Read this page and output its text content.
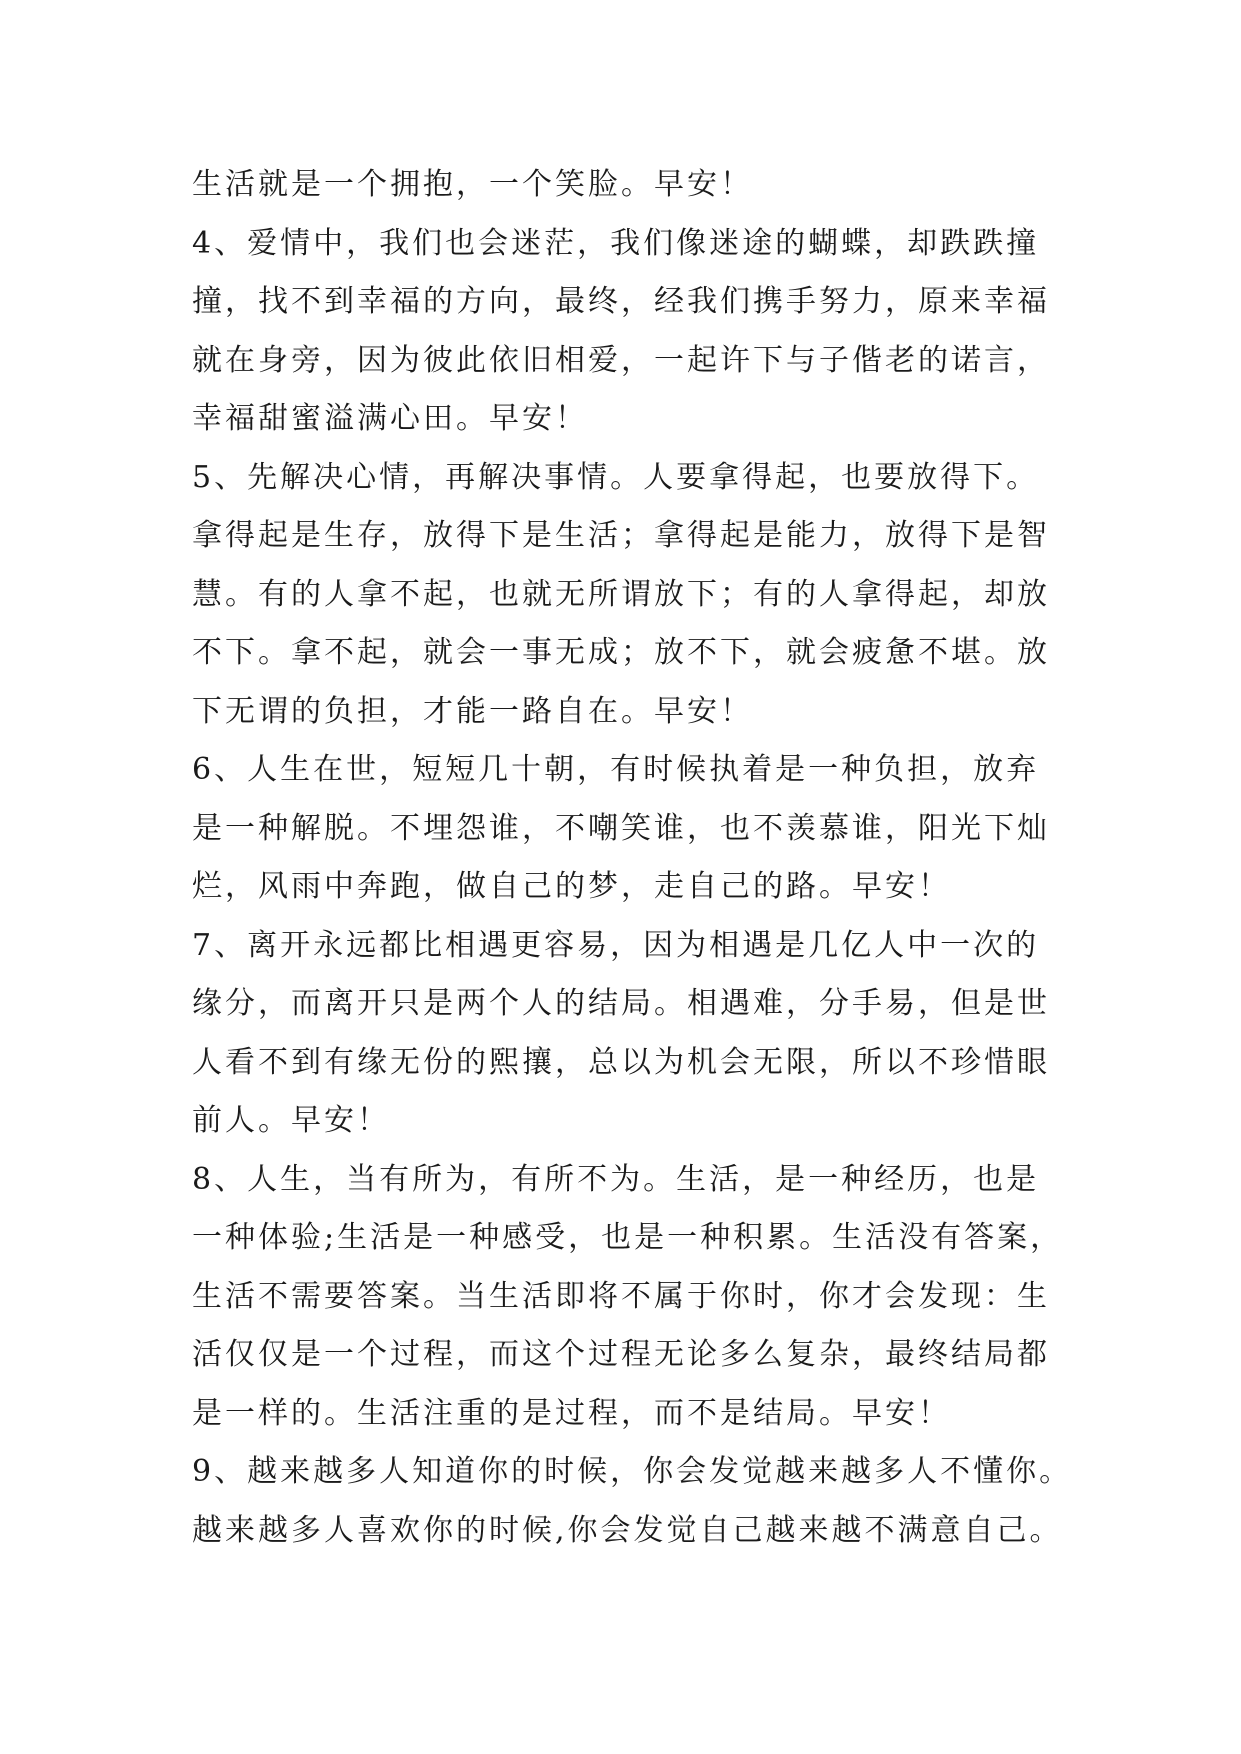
生活就是一个拥抱，一个笑脸。早安！
4、爱情中，我们也会迷茫，我们像迷途的蝴蝶，却跌跌撞
撞，找不到幸福的方向，最终，经我们携手努力，原来幸福
就在身旁，因为彼此依旧相爱，一起许下与子偕老的诺言，
幸福甜蜜溢满心田。早安！
5、先解决心情，再解决事情。人要拿得起，也要放得下。
拿得起是生存，放得下是生活；拿得起是能力，放得下是智
慧。有的人拿不起，也就无所谓放下；有的人拿得起，却放
不下。拿不起，就会一事无成；放不下，就会疲惫不堪。放
下无谓的负担，才能一路自在。早安！
6、人生在世，短短几十朝，有时候执着是一种负担，放弃
是一种解脱。不埋怨谁，不嘲笑谁，也不羡慕谁，阳光下灿
烂，风雨中奔跑，做自己的梦，走自己的路。早安！
7、离开永远都比相遇更容易，因为相遇是几亿人中一次的
缘分，而离开只是两个人的结局。相遇难，分手易，但是世
人看不到有缘无份的熙攘，总以为机会无限，所以不珍惜眼
前人。早安！
8、人生，当有所为，有所不为。生活，是一种经历，也是
一种体验;生活是一种感受，也是一种积累。生活没有答案，
生活不需要答案。当生活即将不属于你时，你才会发现：生
活仅仅是一个过程，而这个过程无论多么复杂，最终结局都
是一样的。生活注重的是过程，而不是结局。早安！
9、越来越多人知道你的时候，你会发觉越来越多人不懂你。
越来越多人喜欢你的时候,你会发觉自己越来越不满意自己。
